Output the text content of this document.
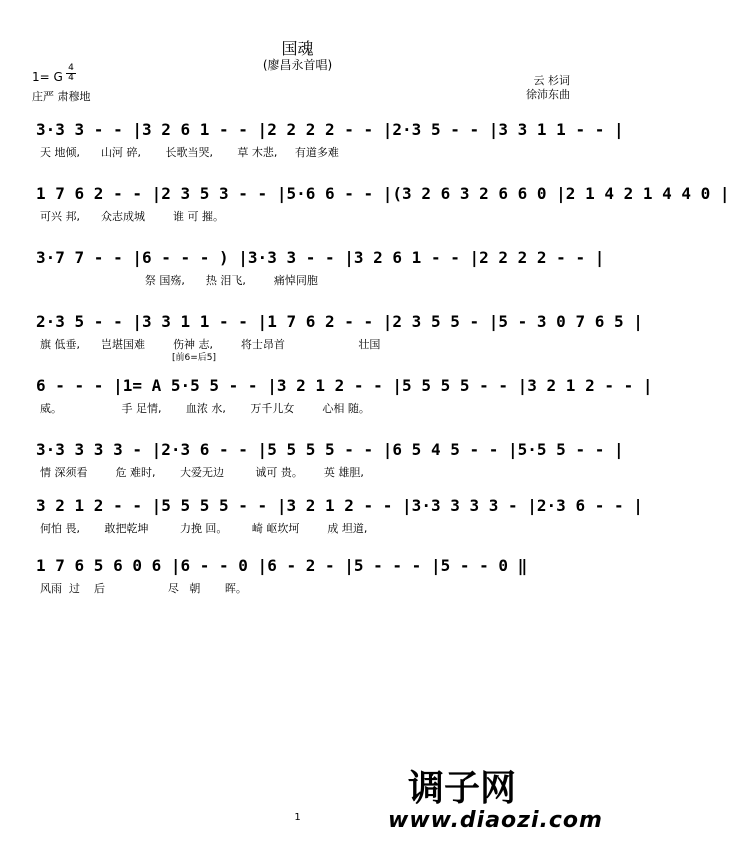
国魂
(廖昌永首唱)
1= G
4
4
庄严 肃穆地
云 杉词
徐沛东曲
3·3 3 - - |3 2 6 1 - - |2 2 2 2 - - |2·3 5 - - |3 3 1 1 - - |
天 地倾,      山河 碎,       长歌当哭,       草 木悲,     有道多难
1 7 6 2 - - |2 3 5 3 - - |5·6 6 - - |(3 2 6 3 2 6 6 0 |2 1 4 2 1 4 4 0 |
可兴 邦,      众志成城        谁 可 摧。
3·7 7 - - |6 - - - ) |3·3 3 - - |3 2 6 1 - - |2 2 2 2 - - |
祭 国殇,      热 泪飞,        痛悼同胞
2·3 5 - - |3 3 1 1 - - |1 7 6 2 - - |2 3 5 5 - |5 - 3 0 7 6 5 |
旗 低垂,      岂堪国难        伤神 志,        将士昂首                     壮国
[前6=后5]
6 - - - |1= A 5·5 5 - - |3 2 1 2 - - |5 5 5 5 - - |3 2 1 2 - - |
威。                 手 足情,       血浓 水,       万千儿女        心相 随。
3·3 3 3 3 - |2·3 6 - - |5 5 5 5 - - |6 5 4 5 - - |5·5 5 - - |
情 深须看        危 难时,       大爱无边         诚可 贵。      英 雄胆,
3 2 1 2 - - |5 5 5 5 - - |3 2 1 2 - - |3·3 3 3 3 - |2·3 6 - - |
何怕 畏,       敢把乾坤         力挽 回。       崎 岖坎坷        成 坦道,
1 7 6 5 6 0 6 |6 - - 0 |6 - 2 - |5 - - - |5 - - 0 ‖
风雨  过    后                  尽   朝       晖。
调子网
www.diaozi.com
1
